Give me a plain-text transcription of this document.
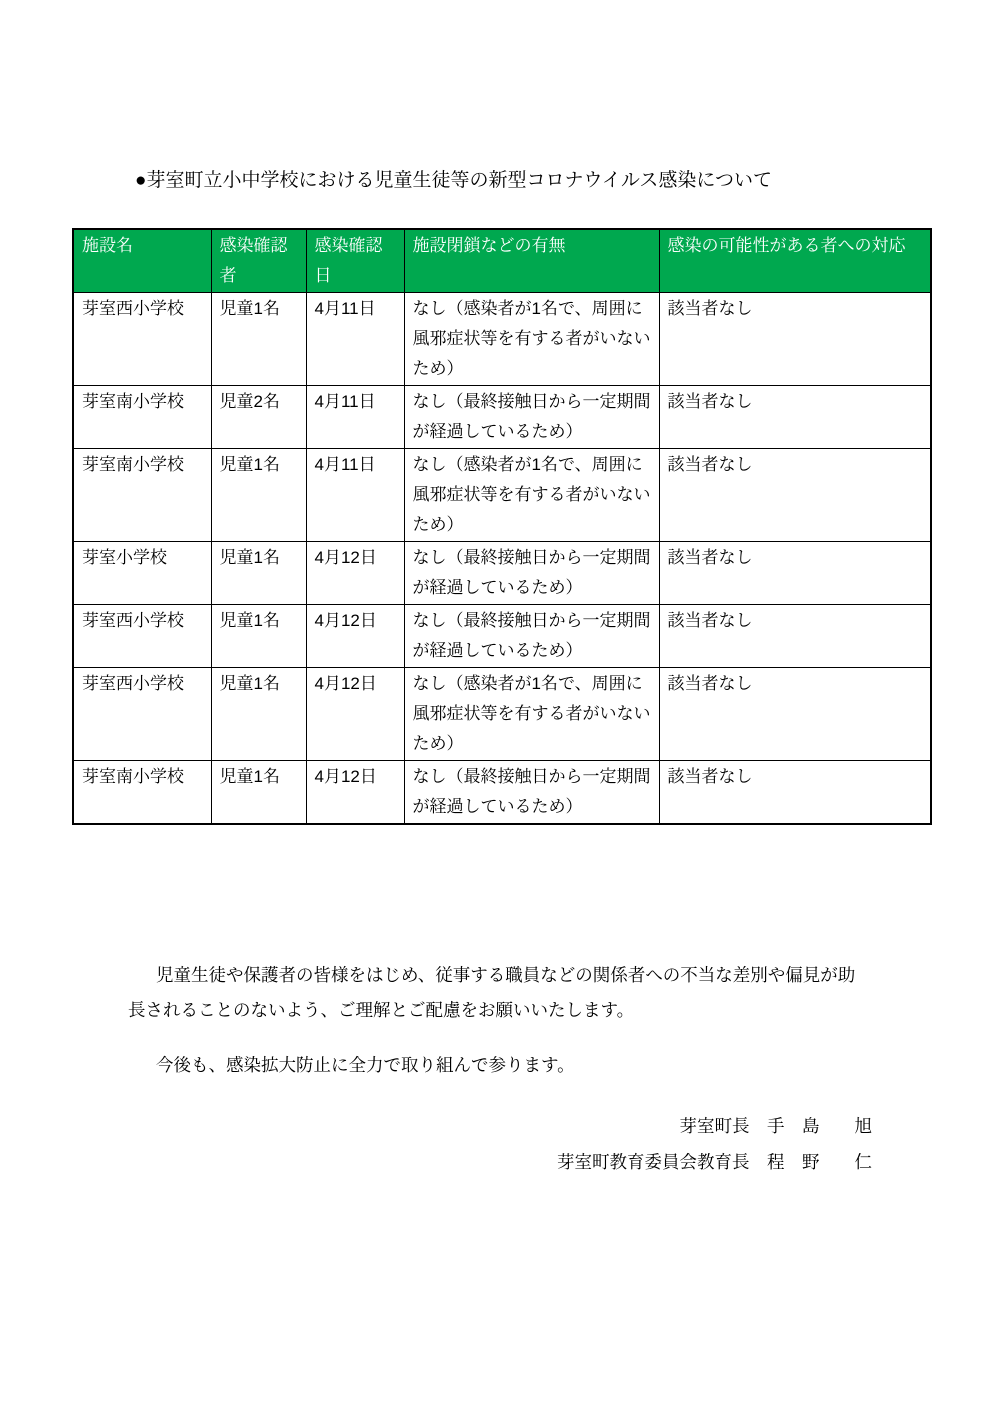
●芽室町立小中学校における児童生徒等の新型コロナウイルス感染について
施設名	感染確認者	感染確認日	施設閉鎖などの有無	感染の可能性がある者への対応
芽室西小学校	児童1名	4月11日	なし（感染者が1名で、周囲に風邪症状等を有する者がいないため）	該当者なし
芽室南小学校	児童2名	4月11日	なし（最終接触日から一定期間が経過しているため）	該当者なし
芽室南小学校	児童1名	4月11日	なし（感染者が1名で、周囲に風邪症状等を有する者がいないため）	該当者なし
芽室小学校	児童1名	4月12日	なし（最終接触日から一定期間が経過しているため）	該当者なし
芽室西小学校	児童1名	4月12日	なし（最終接触日から一定期間が経過しているため）	該当者なし
芽室西小学校	児童1名	4月12日	なし（感染者が1名で、周囲に風邪症状等を有する者がいないため）	該当者なし
芽室南小学校	児童1名	4月12日	なし（最終接触日から一定期間が経過しているため）	該当者なし

児童生徒や保護者の皆様をはじめ、従事する職員などの関係者への不当な差別や偏見が助長されることのないよう、ご理解とご配慮をお願いいたします。

今後も、感染拡大防止に全力で取り組んで参ります。

芽室町長　手　島　　旭
芽室町教育委員会教育長　程　野　　仁
